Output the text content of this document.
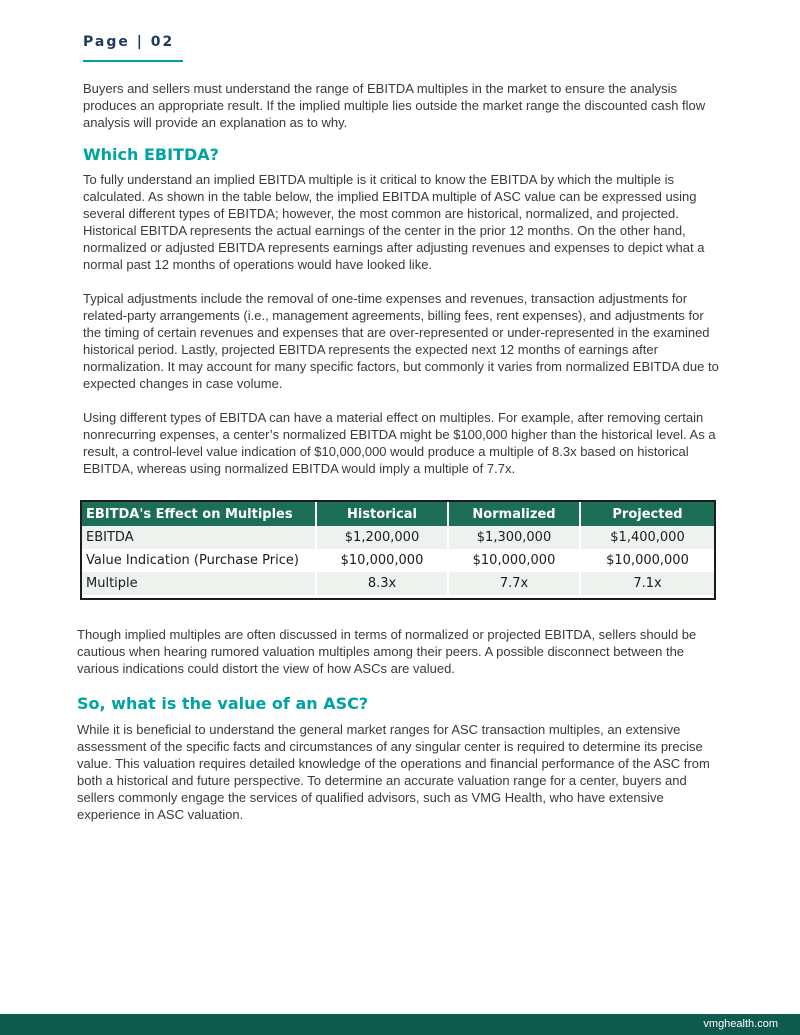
Page | 02

Buyers and sellers must understand the range of EBITDA multiples in the market to ensure the analysis produces an appropriate result. If the implied multiple lies outside the market range the discounted cash flow analysis will provide an explanation as to why.

Which EBITDA?

To fully understand an implied EBITDA multiple is it critical to know the EBITDA by which the multiple is calculated. As shown in the table below, the implied EBITDA multiple of ASC value can be expressed using several different types of EBITDA; however, the most common are historical, normalized, and projected. Historical EBITDA represents the actual earnings of the center in the prior 12 months. On the other hand, normalized or adjusted EBITDA represents earnings after adjusting revenues and expenses to depict what a normal past 12 months of operations would have looked like.

Typical adjustments include the removal of one-time expenses and revenues, transaction adjustments for related-party arrangements (i.e., management agreements, billing fees, rent expenses), and adjustments for the timing of certain revenues and expenses that are over-represented or under-represented in the examined historical period. Lastly, projected EBITDA represents the expected next 12 months of earnings after normalization. It may account for many specific factors, but commonly it varies from normalized EBITDA due to expected changes in case volume.

Using different types of EBITDA can have a material effect on multiples. For example, after removing certain nonrecurring expenses, a center’s normalized EBITDA might be $100,000 higher than the historical level. As a result, a control-level value indication of $10,000,000 would produce a multiple of 8.3x based on historical EBITDA, whereas using normalized EBITDA would imply a multiple of 7.7x.

EBITDA's Effect on Multiples	Historical	Normalized	Projected
EBITDA	$1,200,000	$1,300,000	$1,400,000
Value Indication (Purchase Price)	$10,000,000	$10,000,000	$10,000,000
Multiple	8.3x	7.7x	7.1x

Though implied multiples are often discussed in terms of normalized or projected EBITDA, sellers should be cautious when hearing rumored valuation multiples among their peers. A possible disconnect between the various indications could distort the view of how ASCs are valued.

So, what is the value of an ASC?

While it is beneficial to understand the general market ranges for ASC transaction multiples, an extensive assessment of the specific facts and circumstances of any singular center is required to determine its precise value. This valuation requires detailed knowledge of the operations and financial performance of the ASC from both a historical and future perspective. To determine an accurate valuation range for a center, buyers and sellers commonly engage the services of qualified advisors, such as VMG Health, who have extensive experience in ASC valuation.

vmghealth.com
